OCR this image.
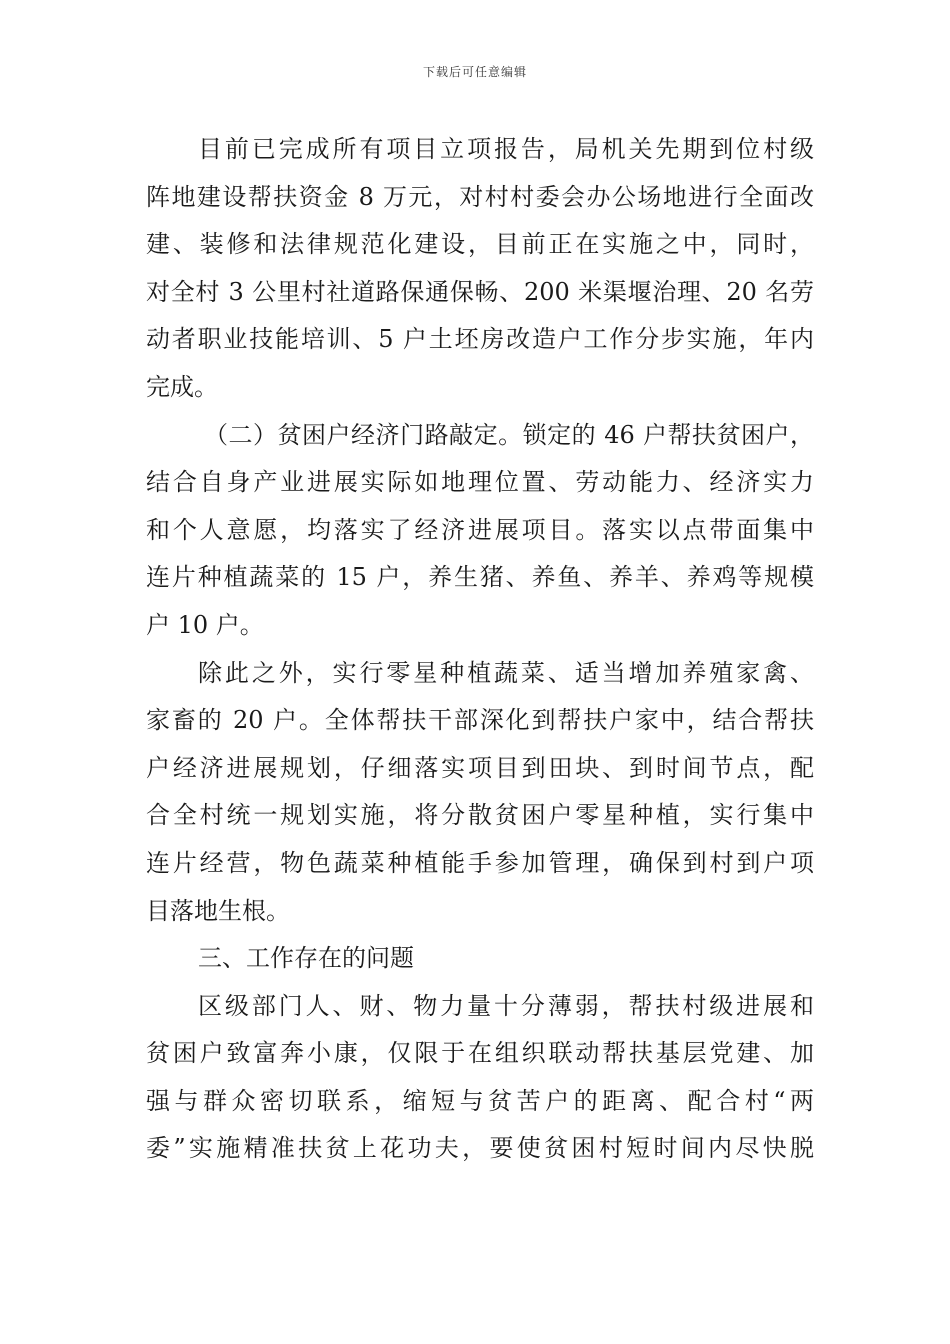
下载后可任意编辑
目前已完成所有项目立项报告，局机关先期到位村级
阵地建设帮扶资金 8 万元，对村村委会办公场地进行全面改
建、装修和法律规范化建设，目前正在实施之中，同时，
对全村 3 公里村社道路保通保畅、200 米渠堰治理、20 名劳
动者职业技能培训、5 户土坯房改造户工作分步实施，年内
完成。
（二）贫困户经济门路敲定。锁定的 46 户帮扶贫困户，
结合自身产业进展实际如地理位置、劳动能力、经济实力
和个人意愿，均落实了经济进展项目。落实以点带面集中
连片种植蔬菜的 15 户，养生猪、养鱼、养羊、养鸡等规模
户 10 户。
除此之外，实行零星种植蔬菜、适当增加养殖家禽、
家畜的 20 户。全体帮扶干部深化到帮扶户家中，结合帮扶
户经济进展规划，仔细落实项目到田块、到时间节点，配
合全村统一规划实施，将分散贫困户零星种植，实行集中
连片经营，物色蔬菜种植能手参加管理，确保到村到户项
目落地生根。
三、工作存在的问题
区级部门人、财、物力量十分薄弱，帮扶村级进展和
贫困户致富奔小康，仅限于在组织联动帮扶基层党建、加
强与群众密切联系，缩短与贫苦户的距离、配合村“两
委”实施精准扶贫上花功夫，要使贫困村短时间内尽快脱
